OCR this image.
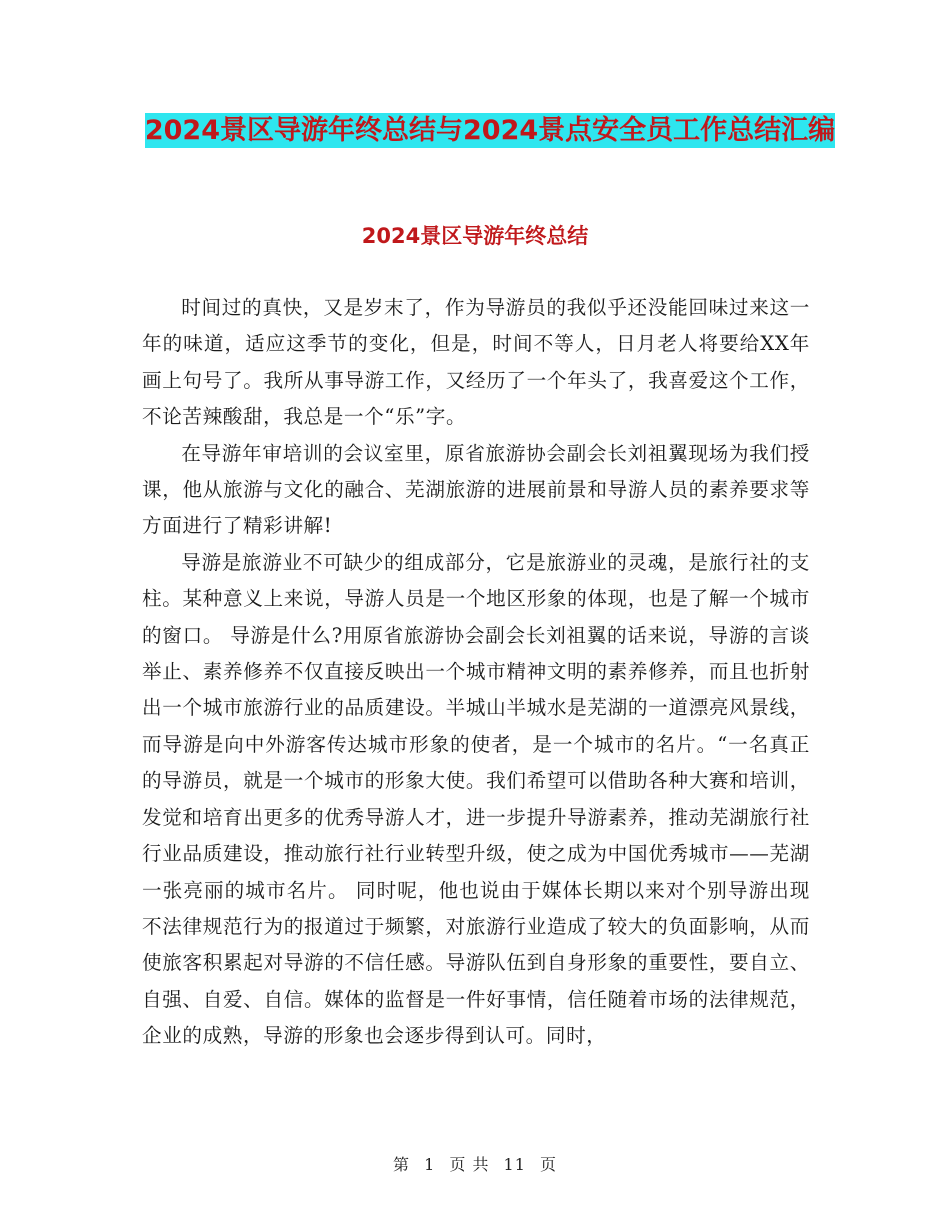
2024景区导游年终总结与2024景点安全员工作总结汇编
2024景区导游年终总结

时间过的真快，又是岁末了，作为导游员的我似乎还没能回味过来这一年的味道，适应这季节的变化，但是，时间不等人，日月老人将要给XX年画上句号了。我所从事导游工作，又经历了一个年头了，我喜爱这个工作，不论苦辣酸甜，我总是一个“乐”字。

在导游年审培训的会议室里，原省旅游协会副会长刘祖翼现场为我们授课，他从旅游与文化的融合、芜湖旅游的进展前景和导游人员的素养要求等方面进行了精彩讲解!

导游是旅游业不可缺少的组成部分，它是旅游业的灵魂，是旅行社的支柱。某种意义上来说，导游人员是一个地区形象的体现，也是了解一个城市的窗口。 导游是什么?用原省旅游协会副会长刘祖翼的话来说，导游的言谈举止、素养修养不仅直接反映出一个城市精神文明的素养修养，而且也折射出一个城市旅游行业的品质建设。半城山半城水是芜湖的一道漂亮风景线，而导游是向中外游客传达城市形象的使者，是一个城市的名片。“一名真正的导游员，就是一个城市的形象大使。我们希望可以借助各种大赛和培训，发觉和培育出更多的优秀导游人才，进一步提升导游素养，推动芜湖旅行社行业品质建设，推动旅行社行业转型升级，使之成为中国优秀城市——芜湖一张亮丽的城市名片。 同时呢，他也说由于媒体长期以来对个别导游出现不法律规范行为的报道过于频繁，对旅游行业造成了较大的负面影响，从而使旅客积累起对导游的不信任感。导游队伍到自身形象的重要性，要自立、自强、自爱、自信。媒体的监督是一件好事情，信任随着市场的法律规范，企业的成熟，导游的形象也会逐步得到认可。同时，

第 1 页 共 11 页
